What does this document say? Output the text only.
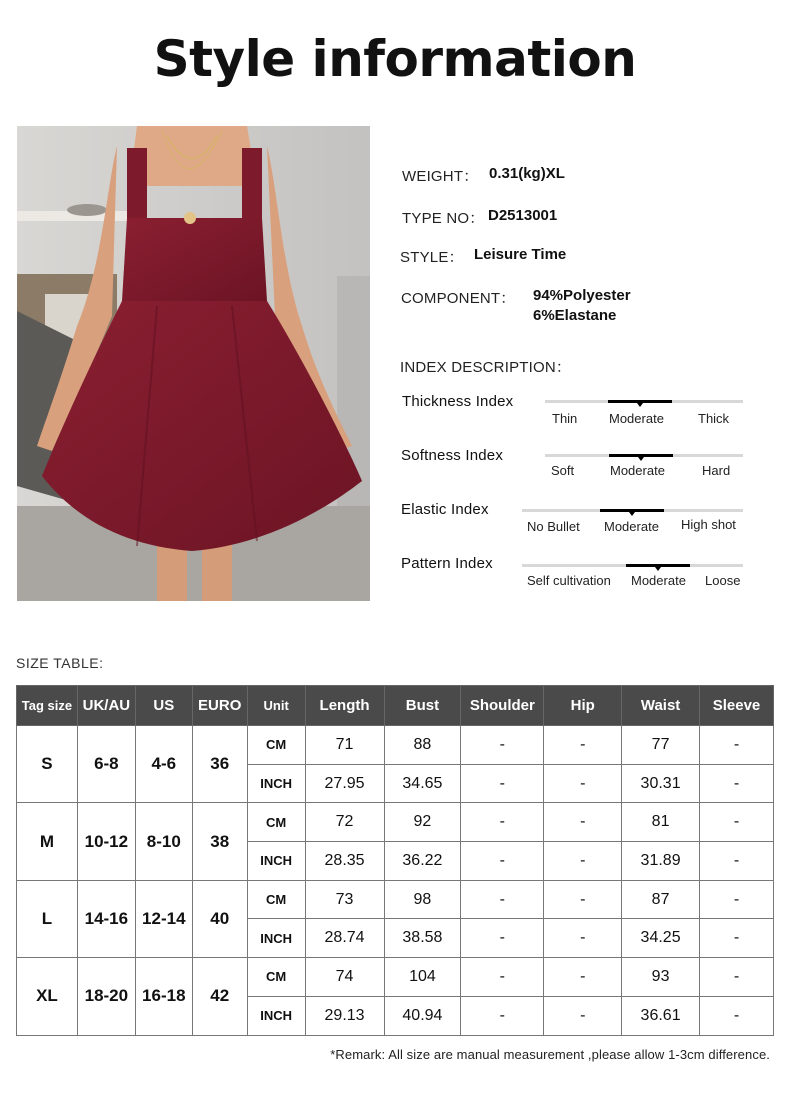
Style information
WEIGHT： 0.31(kg)XL
TYPE NO： D2513001
STYLE： Leisure Time
COMPONENT： 94%Polyester
6%Elastane
INDEX DESCRIPTION：
Thickness Index
Thin Moderate	Thick
Softness Index
Soft	Moderate	Hard
Elastic Index
No Bullet Moderate High shot
Pattern Index
Self cultivation Moderate Loose
SIZE TABLE:
Tag size	UK/AU	US	EURO	Unit	Length	Bust	Shoulder	Hip	Waist	Sleeve
S	6-8	4-6	36	CM	71	88	-	-	77	-
				INCH	27.95	34.65	-	-	30.31	-
M	10-12	8-10	38	CM	72	92	-	-	81	-
				INCH	28.35	36.22	-	-	31.89	-
L	14-16	12-14	40	CM	73	98	-	-	87	-
				INCH	28.74	38.58	-	-	34.25	-
XL	18-20	16-18	42	CM	74	104	-	-	93	-
				INCH	29.13	40.94	-	-	36.61	-
*Remark: All size are manual measurement ,please allow 1-3cm difference.
